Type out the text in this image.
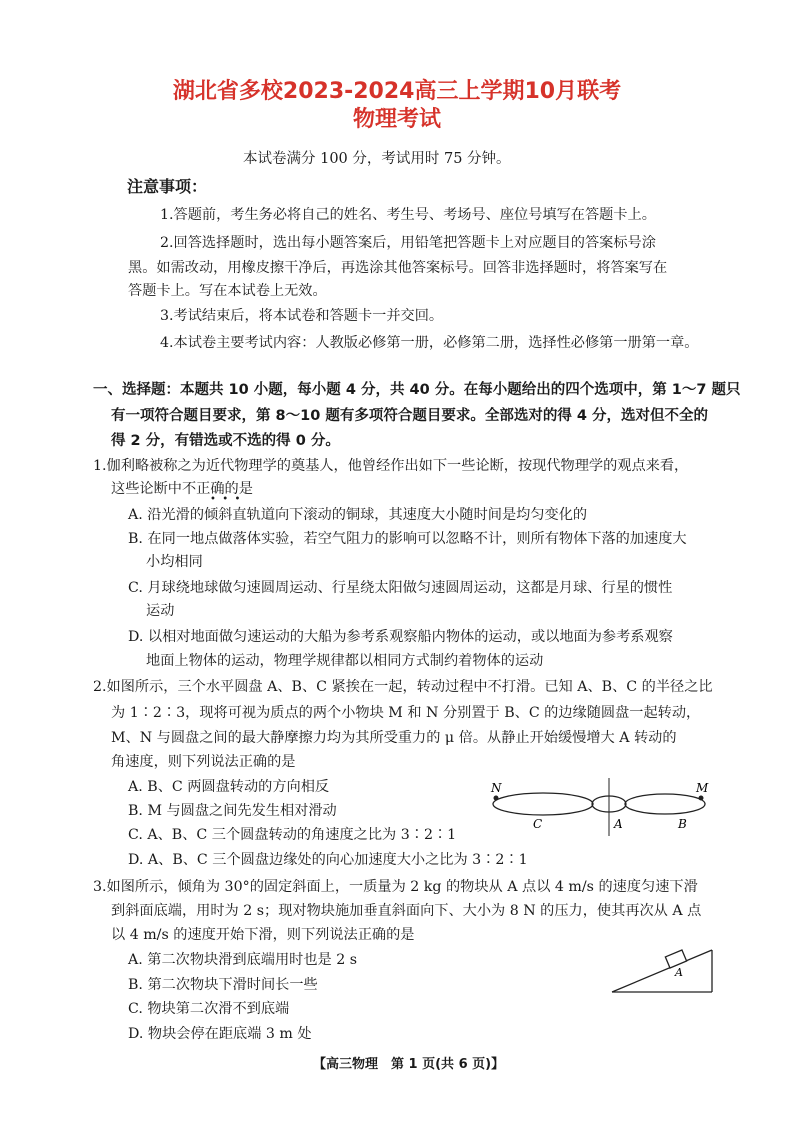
湖北省多校2023-2024高三上学期10月联考
物理考试
本试卷满分 100 分，考试用时 75 分钟。
注意事项：
1.答题前，考生务必将自己的姓名、考生号、考场号、座位号填写在答题卡上。
2.回答选择题时，选出每小题答案后，用铅笔把答题卡上对应题目的答案标号涂
黑。如需改动，用橡皮擦干净后，再选涂其他答案标号。回答非选择题时，将答案写在
答题卡上。写在本试卷上无效。
3.考试结束后，将本试卷和答题卡一并交回。
4.本试卷主要考试内容：人教版必修第一册，必修第二册，选择性必修第一册第一章。
一、选择题：本题共 10 小题，每小题 4 分，共 40 分。在每小题给出的四个选项中，第 1～7 题只
有一项符合题目要求，第 8～10 题有多项符合题目要求。全部选对的得 4 分，选对但不全的
得 2 分，有错选或不选的得 0 分。
1.伽利略被称之为近代物理学的奠基人，他曾经作出如下一些论断，按现代物理学的观点来看，
这些论断中不正确的是
•  •  •
A. 沿光滑的倾斜直轨道向下滚动的铜球，其速度大小随时间是均匀变化的
B. 在同一地点做落体实验，若空气阻力的影响可以忽略不计，则所有物体下落的加速度大
小均相同
C. 月球绕地球做匀速圆周运动、行星绕太阳做匀速圆周运动，这都是月球、行星的惯性
运动
D. 以相对地面做匀速运动的大船为参考系观察船内物体的运动，或以地面为参考系观察
地面上物体的运动，物理学规律都以相同方式制约着物体的运动
2.如图所示，三个水平圆盘 A、B、C 紧挨在一起，转动过程中不打滑。已知 A、B、C 的半径之比
为 1∶2∶3，现将可视为质点的两个小物块 M 和 N 分别置于 B、C 的边缘随圆盘一起转动，
M、N 与圆盘之间的最大静摩擦力均为其所受重力的 μ 倍。从静止开始缓慢增大 A 转动的
角速度，则下列说法正确的是
A. B、C 两圆盘转动的方向相反
B. M 与圆盘之间先发生相对滑动
C. A、B、C 三个圆盘转动的角速度之比为 3∶2∶1
D. A、B、C 三个圆盘边缘处的向心加速度大小之比为 3∶2∶1
N	M
C	A	B
3.如图所示，倾角为 30°的固定斜面上，一质量为 2 kg 的物块从 A 点以 4 m/s 的速度匀速下滑
到斜面底端，用时为 2 s；现对物块施加垂直斜面向下、大小为 8 N 的压力，使其再次从 A 点
以 4 m/s 的速度开始下滑，则下列说法正确的是
A. 第二次物块滑到底端用时也是 2 s
B. 第二次物块下滑时间长一些
C. 物块第二次滑不到底端
D. 物块会停在距底端 3 m 处
A
【高三物理　第 1 页(共 6 页)】
